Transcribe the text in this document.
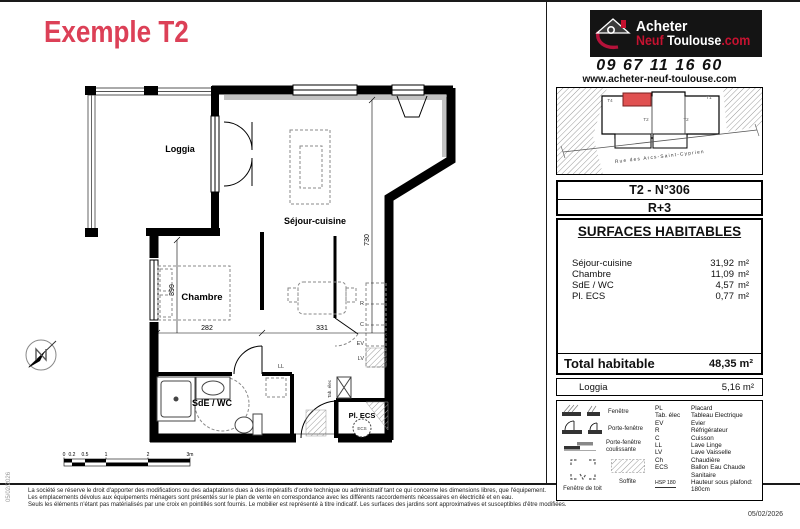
Exemple T2
282	331
399
730
Loggia
Séjour-cuisine
Chambre
SdE / WC
Pl. ECS
R
C
EV
LV
LL
ECS
Tab. élec
0 0.2 0.5	1	2	3m
Acheter
Neuf Toulouse.com
09 67 11 16 60
www.acheter-neuf-toulouse.com
T4
T2	T2
T1
Rue des Arcs-Saint-Cyprien
T2 - N°306
R+3
SURFACES HABITABLES
Séjour-cuisine	31,92 m²
Chambre	11,09 m²
SdE / WC	4,57 m²
Pl. ECS	0,77 m²
Total habitable	48,35 m²
Loggia	5,16 m²
Fenêtre
Porte-fenêtre
Porte-fenêtre coulissante
Fenêtre de toit
Soffite
PL	Placard
Tab. élec	Tableau Electrique
EV	Evier
R	Réfrigérateur
C	Cuisson
LL	Lave Linge
LV	Lave Vaisselle
Ch	Chaudière
ECS	Ballon Eau Chaude Sanitaire
HSP 180	Hauteur sous plafond: 180cm
La société se réserve le droit d'apporter des modifications ou des adaptations dues à des impératifs d'ordre technique ou administratif tant ce qui concerne les dimensions libres, que l'équipement.
Les emplacements dévolus aux équipements ménagers sont présentés sur le plan de vente en correspondance avec les différents raccordements nécessaires en électricité et en eau.
Seuls les éléments n'étant pas matérialisés par une croix en pointillés sont fournis. Le mobilier est représenté à titre indicatif. Les surfaces des jardins sont approximatives et susceptibles d'être modifiées.
05/02/2026
05/02/2026
